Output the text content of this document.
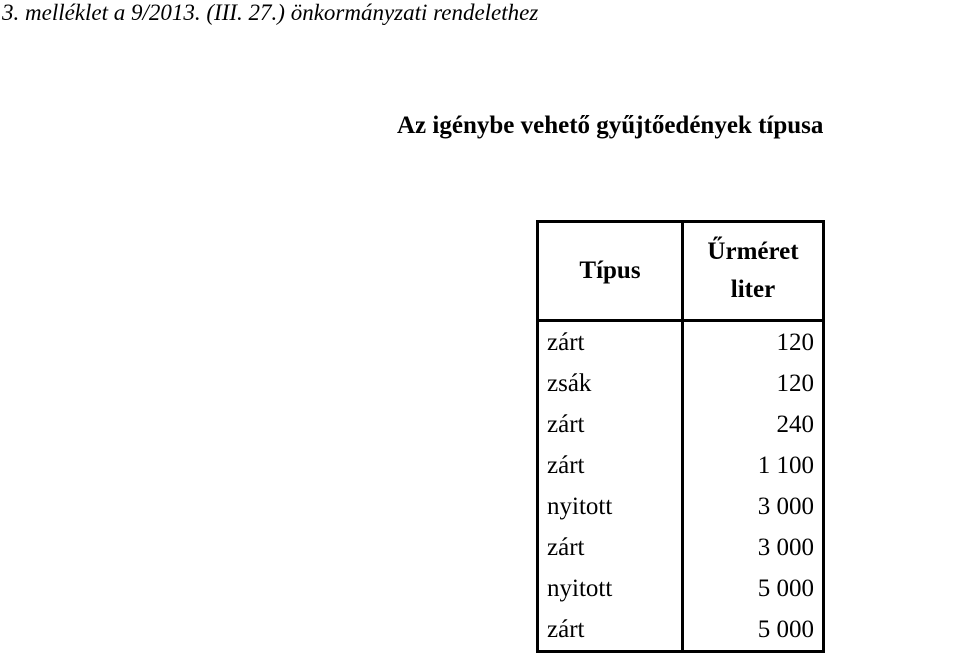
3. melléklet a 9/2013. (III. 27.) önkormányzati rendelethez
Az igénybe vehető gyűjtőedények típusa
Típus	Űrméret
liter

zárt	120
zsák	120
zárt	240
zárt	1 100
nyitott	3 000
zárt	3 000
nyitott	5 000
zárt	5 000
